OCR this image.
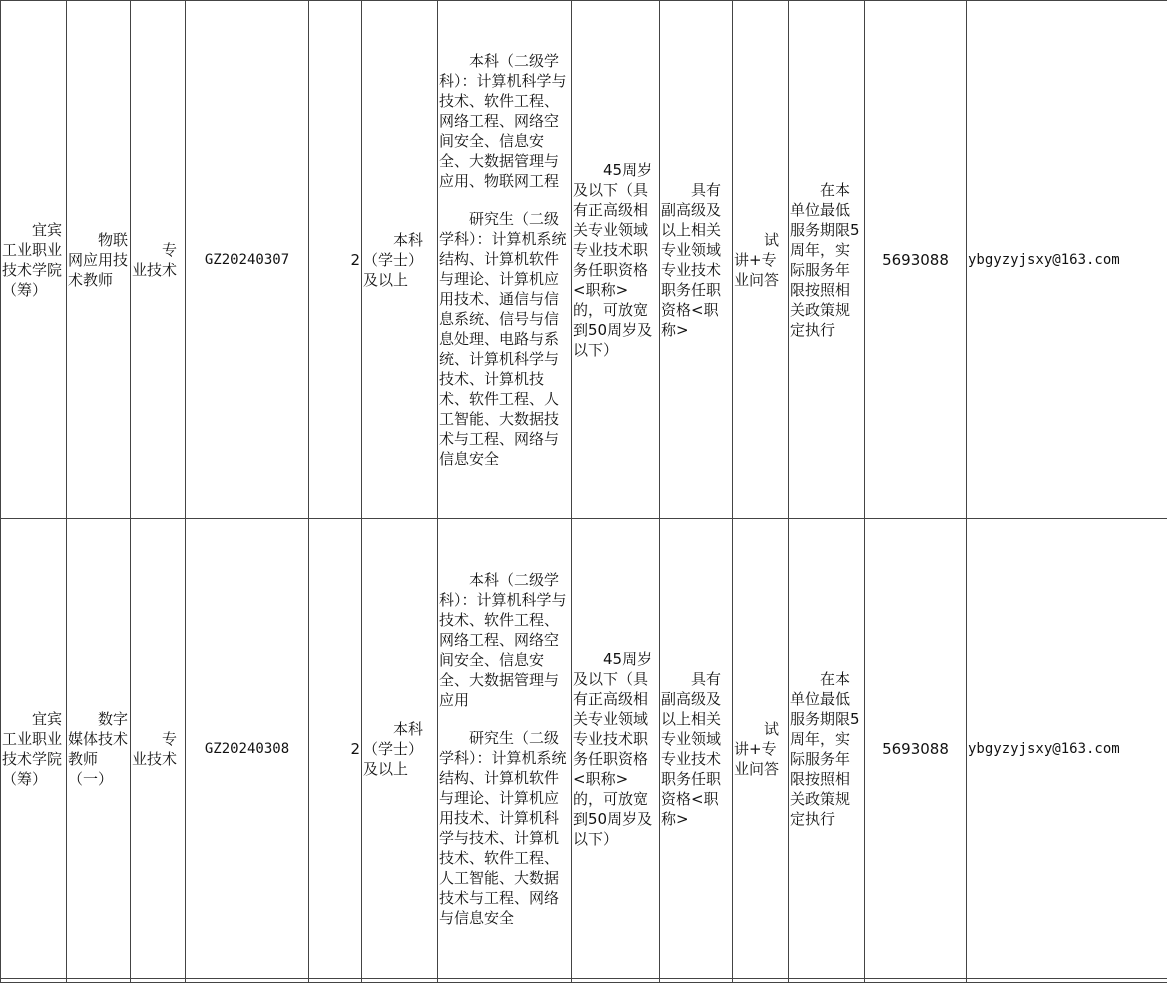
宜宾工业职业技术学院（筹）	物联网应用技术教师	专业技术	GZ20240307	2	本科（学士）及以上	本科（二级学科）：计算机科学与技术、软件工程、网络工程、网络空间安全、信息安全、大数据管理与应用、物联网工程

研究生（二级学科）：计算机系统结构、计算机软件与理论、计算机应用技术、通信与信息系统、信号与信息处理、电路与系统、计算机科学与技术、计算机技术、软件工程、人工智能、大数据技术与工程、网络与信息安全	45周岁及以下（具有正高级相关专业领域专业技术职务任职资格<职称>的，可放宽到50周岁及以下）	具有副高级及以上相关专业领域专业技术职务任职资格<职称>	试讲+专业问答	在本单位最低服务期限5周年，实际服务年限按照相关政策规定执行	5693088	ybgyzyjsxy@163.com
宜宾工业职业技术学院（筹）	数字媒体技术教师（一）	专业技术	GZ20240308	2	本科（学士）及以上	本科（二级学科）：计算机科学与技术、软件工程、网络工程、网络空间安全、信息安全、大数据管理与应用

研究生（二级学科）：计算机系统结构、计算机软件与理论、计算机应用技术、计算机科学与技术、计算机技术、软件工程、人工智能、大数据技术与工程、网络与信息安全	45周岁及以下（具有正高级相关专业领域专业技术职务任职资格<职称>的，可放宽到50周岁及以下）	具有副高级及以上相关专业领域专业技术职务任职资格<职称>	试讲+专业问答	在本单位最低服务期限5周年，实际服务年限按照相关政策规定执行	5693088	ybgyzyjsxy@163.com
